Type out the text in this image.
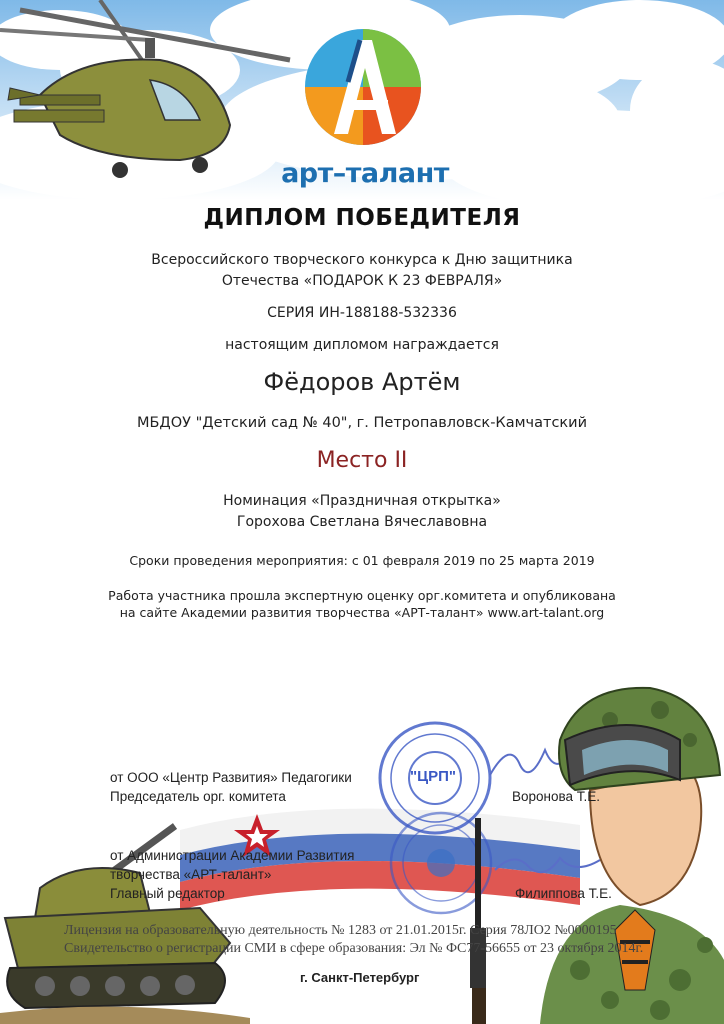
арт–талант
ДИПЛОМ ПОБЕДИТЕЛЯ
Всероссийского творческого конкурса к Дню защитника
Отечества «ПОДАРОК К 23 ФЕВРАЛЯ»
СЕРИЯ ИН-188188-532336
настоящим дипломом награждается
Фёдоров Артём
МБДОУ "Детский сад № 40", г. Петропавловск-Камчатский
Место II
Номинация «Праздничная открытка»
Горохова Светлана Вячеславовна
Сроки проведения мероприятия: с 01 февраля 2019 по 25 марта 2019
Работа участника прошла экспертную оценку орг.комитета и опубликована
на сайте Академии развития творчества «АРТ-талант» www.art-talant.org
"ЦРП"
от ООО «Центр Развития» Педагогики
Председатель орг. комитета	Воронова Т.Е.
от Администрации Академии Развития
творчества «АРТ-талант»
Главный редактор	Филиппова Т.Е.
Лицензия на образовательную деятельность № 1283 от 21.01.2015г. Серия 78ЛО2 №0000195
Свидетельство о регистрации СМИ в сфере образования: Эл № ФС77-56655 от 23 октября 2014г.
г. Санкт-Петербург
